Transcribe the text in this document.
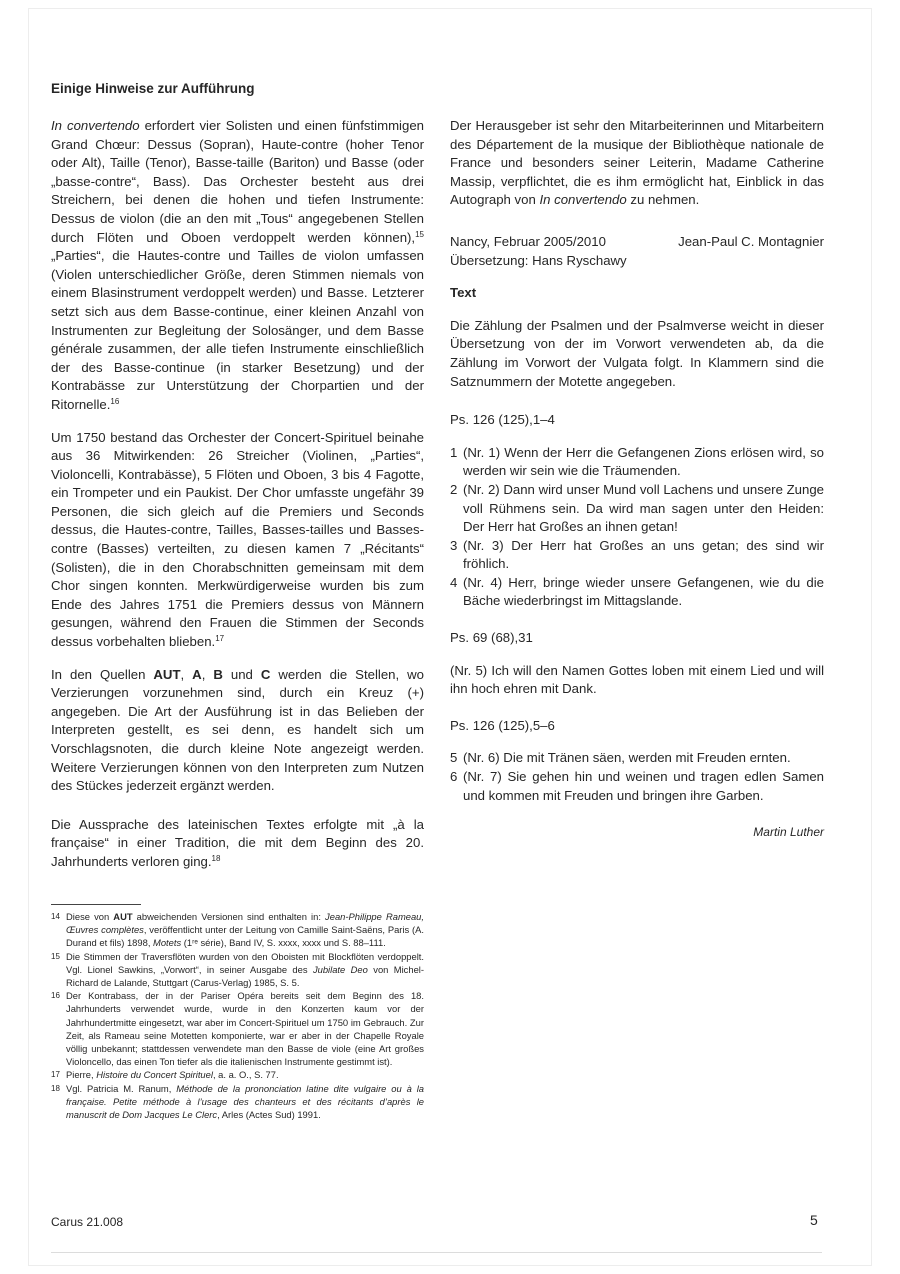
Einige Hinweise zur Aufführung

In convertendo erfordert vier Solisten und einen fünfstimmigen Grand Chœur: Dessus (Sopran), Haute-contre (hoher Tenor oder Alt), Taille (Tenor), Basse-taille (Bariton) und Basse (oder „basse-contre“, Bass). Das Orchester besteht aus drei Streichern, bei denen die hohen und tiefen Instrumente: Dessus de violon (die an den mit „Tous“ angegebenen Stellen durch Flöten und Oboen verdoppelt werden können),$^{15}$ „Parties“, die Hautes-contre und Tailles de violon umfassen (Violen unterschiedlicher Größe, deren Stimmen niemals von einem Blasinstrument verdoppelt werden) und Basse. Letzterer setzt sich aus dem Basse-continue, einer kleinen Anzahl von Instrumenten zur Begleitung der Solosänger, und dem Basse générale zusammen, der alle tiefen Instrumente einschließlich der des Basse-continue (in starker Besetzung) und der Kontrabässe zur Unterstützung der Chorpartien und der Ritornelle.$^{16}$

Um 1750 bestand das Orchester der Concert-Spirituel beinahe aus 36 Mitwirkenden: 26 Streicher (Violinen, „Parties“, Violoncelli, Kontrabässe), 5 Flöten und Oboen, 3 bis 4 Fagotte, ein Trompeter und ein Paukist. Der Chor umfasste ungefähr 39 Personen, die sich gleich auf die Premiers und Seconds dessus, die Hautes-contre, Tailles, Basses-tailles und Basses-contre (Basses) verteilten, zu diesen kamen 7 „Récitants“ (Solisten), die in den Chorabschnitten gemeinsam mit dem Chor singen konnten. Merkwürdigerweise wurden bis zum Ende des Jahres 1751 die Premiers dessus von Männern gesungen, während den Frauen die Stimmen der Seconds dessus vorbehalten blieben.$^{17}$

In den Quellen AUT, A, B und C werden die Stellen, wo Verzierungen vorzunehmen sind, durch ein Kreuz (+) angegeben. Die Art der Ausführung ist in das Belieben der Interpreten gestellt, es sei denn, es handelt sich um Vorschlagsnoten, die durch kleine Note angezeigt werden. Weitere Verzierungen können von den Interpreten zum Nutzen des Stückes jederzeit ergänzt werden.

Die Aussprache des lateinischen Textes erfolgte mit „à la française“ in einer Tradition, die mit dem Beginn des 20. Jahrhunderts verloren ging.$^{18}$

Der Herausgeber ist sehr den Mitarbeiterinnen und Mitarbeitern des Département de la musique der Bibliothèque nationale de France und besonders seiner Leiterin, Madame Catherine Massip, verpflichtet, die es ihm ermöglicht hat, Einblick in das Autograph von In convertendo zu nehmen.

Nancy, Februar 2005/2010	Jean-Paul C. Montagnier

Übersetzung: Hans Ryschawy

Text

Die Zählung der Psalmen und der Psalmverse weicht in dieser Übersetzung von der im Vorwort verwendeten ab, da die Zählung im Vorwort der Vulgata folgt. In Klammern sind die Satznummern der Motette angegeben.

Ps. 126 (125),1–4

1 (Nr. 1) Wenn der Herr die Gefangenen Zions erlösen wird, so werden wir sein wie die Träumenden.
2 (Nr. 2) Dann wird unser Mund voll Lachens und unsere Zunge voll Rühmens sein. Da wird man sagen unter den Heiden: Der Herr hat Großes an ihnen getan!
3 (Nr. 3) Der Herr hat Großes an uns getan; des sind wir fröhlich.
4 (Nr. 4) Herr, bringe wieder unsere Gefangenen, wie du die Bäche wiederbringst im Mittagslande.

Ps. 69 (68),31

(Nr. 5) Ich will den Namen Gottes loben mit einem Lied und will ihn hoch ehren mit Dank.

Ps. 126 (125),5–6

5 (Nr. 6) Die mit Tränen säen, werden mit Freuden ernten.
6 (Nr. 7) Sie gehen hin und weinen und tragen edlen Samen und kommen mit Freuden und bringen ihre Garben.
Martin Luther
14 Diese von AUT abweichenden Versionen sind enthalten in: Jean-Philippe Rameau, Œuvres complètes, veröffentlicht unter der Leitung von Camille Saint-Saëns, Paris (A. Durand et fils) 1898, Motets (1ʳᵉ série), Band IV, S. xxxx, xxxx und S. 88–111.
15 Die Stimmen der Traversflöten wurden von den Oboisten mit Blockflöten verdoppelt. Vgl. Lionel Sawkins, „Vorwort“, in seiner Ausgabe des Jubilate Deo von Michel-Richard de Lalande, Stuttgart (Carus-Verlag) 1985, S. 5.
16 Der Kontrabass, der in der Pariser Opéra bereits seit dem Beginn des 18. Jahrhunderts verwendet wurde, wurde in den Konzerten kaum vor der Jahrhundertmitte eingesetzt, war aber im Concert-Spirituel um 1750 im Gebrauch. Zur Zeit, als Rameau seine Motetten komponierte, war er aber in der Chapelle Royale völlig unbekannt; stattdessen verwendete man den Basse de viole (eine Art großes Violoncello, das einen Ton tiefer als die italienischen Instrumente gestimmt ist).
17 Pierre, Histoire du Concert Spirituel, a. a. O., S. 77.
18 Vgl. Patricia M. Ranum, Méthode de la prononciation latine dite vulgaire ou à la française. Petite méthode à l’usage des chanteurs et des récitants d’après le manuscrit de Dom Jacques Le Clerc, Arles (Actes Sud) 1991.
Carus 21.008	5
